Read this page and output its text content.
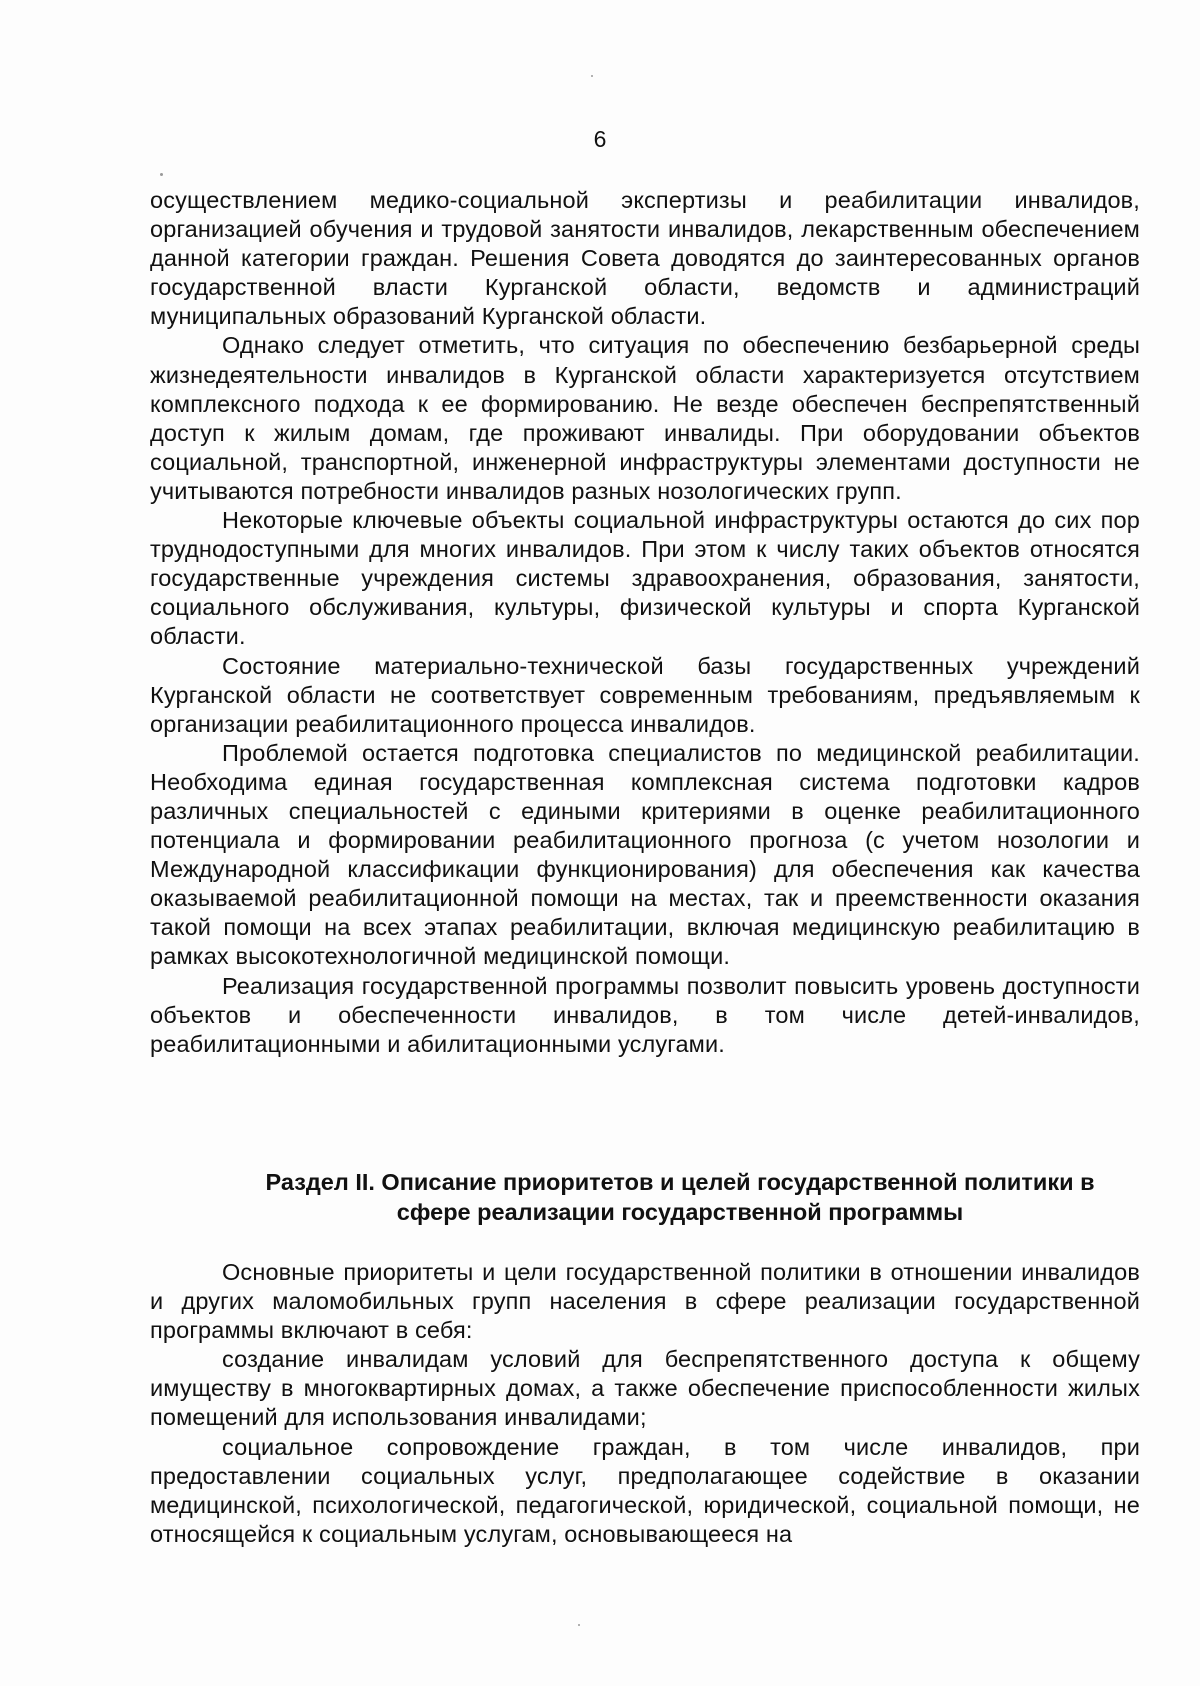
6

осуществлением медико-социальной экспертизы и реабилитации инвалидов, организацией обучения и трудовой занятости инвалидов, лекарственным обеспечением данной категории граждан. Решения Совета доводятся до заинтересованных органов государственной власти Курганской области, ведомств и администраций муниципальных образований Курганской области.

Однако следует отметить, что ситуация по обеспечению безбарьерной среды жизнедеятельности инвалидов в Курганской области характеризуется отсутствием комплексного подхода к ее формированию. Не везде обеспечен беспрепятственный доступ к жилым домам, где проживают инвалиды. При оборудовании объектов социальной, транспортной, инженерной инфраструктуры элементами доступности не учитываются потребности инвалидов разных нозологических групп.

Некоторые ключевые объекты социальной инфраструктуры остаются до сих пор труднодоступными для многих инвалидов. При этом к числу таких объектов относятся государственные учреждения системы здравоохранения, образования, занятости, социального обслуживания, культуры, физической культуры и спорта Курганской области.

Состояние материально-технической базы государственных учреждений Курганской области не соответствует современным требованиям, предъявляемым к организации реабилитационного процесса инвалидов.

Проблемой остается подготовка специалистов по медицинской реабилитации. Необходима единая государственная комплексная система подготовки кадров различных специальностей с едиными критериями в оценке реабилитационного потенциала и формировании реабилитационного прогноза (с учетом нозологии и Международной классификации функционирования) для обеспечения как качества оказываемой реабилитационной помощи на местах, так и преемственности оказания такой помощи на всех этапах реабилитации, включая медицинскую реабилитацию в рамках высокотехнологичной медицинской помощи.

Реализация государственной программы позволит повысить уровень доступности объектов и обеспеченности инвалидов, в том числе детей-инвалидов, реабилитационными и абилитационными услугами.

Раздел II. Описание приоритетов и целей государственной политики в
сфере реализации государственной программы

Основные приоритеты и цели государственной политики в отношении инвалидов и других маломобильных групп населения в сфере реализации государственной программы включают в себя:

создание инвалидам условий для беспрепятственного доступа к общему имуществу в многоквартирных домах, а также обеспечение приспособленности жилых помещений для использования инвалидами;

социальное сопровождение граждан, в том числе инвалидов, при предоставлении социальных услуг, предполагающее содействие в оказании медицинской, психологической, педагогической, юридической, социальной помощи, не относящейся к социальным услугам, основывающееся на
